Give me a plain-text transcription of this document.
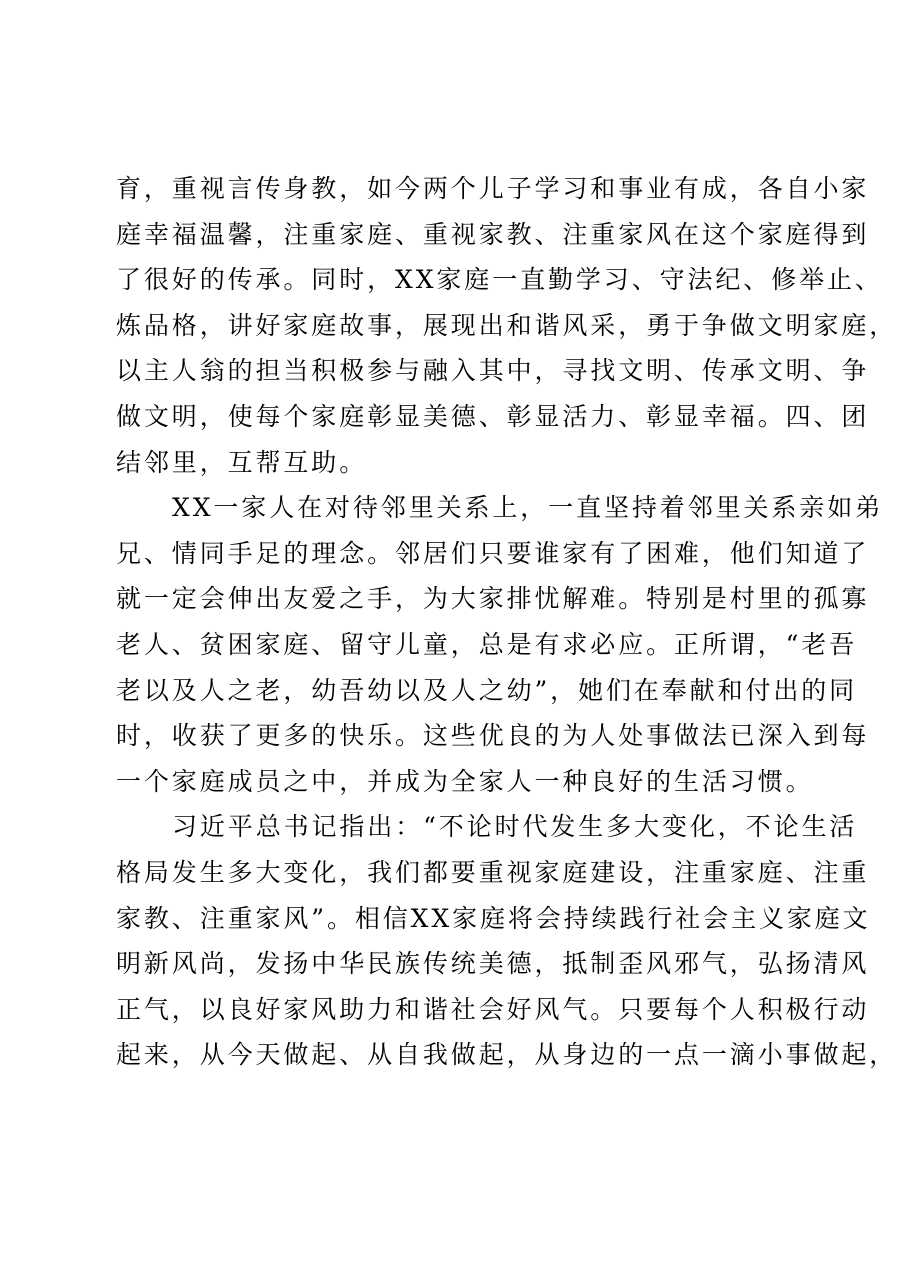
育，重视言传身教，如今两个儿子学习和事业有成，各自小家
庭幸福温馨，注重家庭、重视家教、注重家风在这个家庭得到
了很好的传承。同时，XX家庭一直勤学习、守法纪、修举止、
炼品格，讲好家庭故事，展现出和谐风采，勇于争做文明家庭，
以主人翁的担当积极参与融入其中，寻找文明、传承文明、争
做文明，使每个家庭彰显美德、彰显活力、彰显幸福。四、团
结邻里，互帮互助。
XX一家人在对待邻里关系上，一直坚持着邻里关系亲如弟
兄、情同手足的理念。邻居们只要谁家有了困难，他们知道了
就一定会伸出友爱之手，为大家排忧解难。特别是村里的孤寡
老人、贫困家庭、留守儿童，总是有求必应。正所谓，“老吾
老以及人之老，幼吾幼以及人之幼”，她们在奉献和付出的同
时，收获了更多的快乐。这些优良的为人处事做法已深入到每
一个家庭成员之中，并成为全家人一种良好的生活习惯。
习近平总书记指出：“不论时代发生多大变化，不论生活
格局发生多大变化，我们都要重视家庭建设，注重家庭、注重
家教、注重家风”。相信XX家庭将会持续践行社会主义家庭文
明新风尚，发扬中华民族传统美德，抵制歪风邪气，弘扬清风
正气，以良好家风助力和谐社会好风气。只要每个人积极行动
起来，从今天做起、从自我做起，从身边的一点一滴小事做起，
